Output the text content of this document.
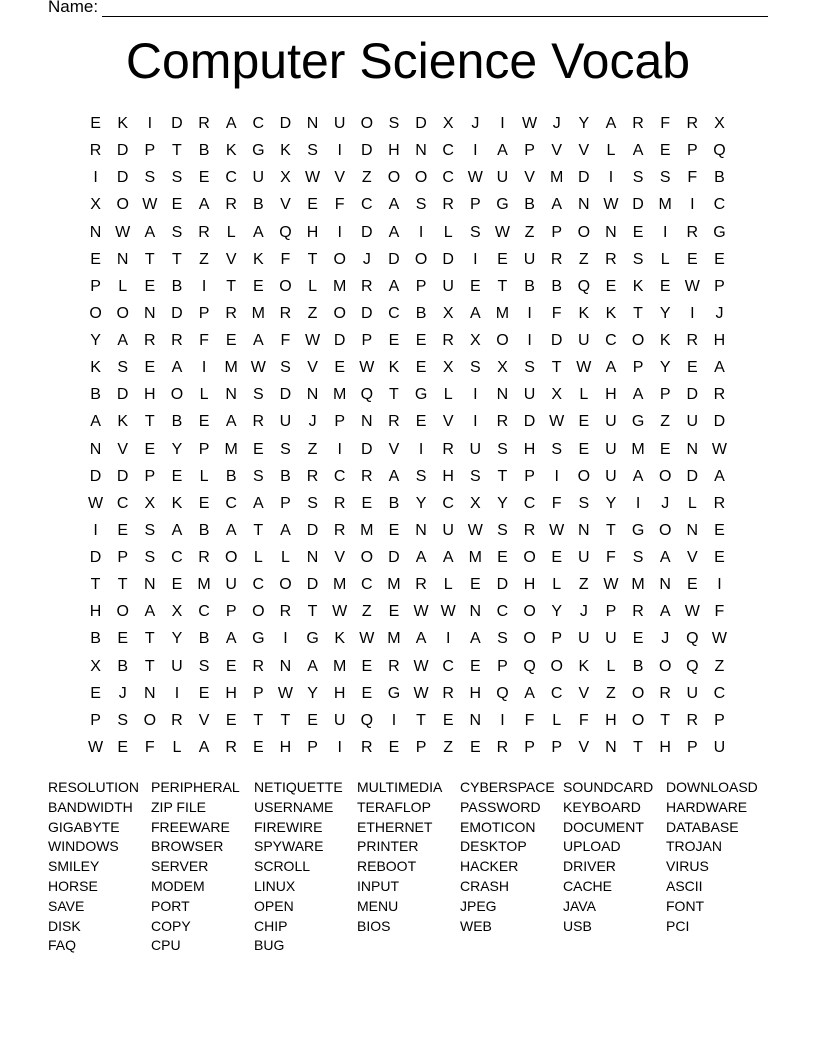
Name:
Computer Science Vocab
E	K	I	D R	A	C D N U O S	D	X	J	I	W J	Y	A	R	F	R	X
R D	P	T	B	K G K	S	I	D H N C	I	A	P	V	V	L	A	E	P Q
I	D	S	S	E	C U	X W V	Z	O O C W U	V M D	I	S	S	F	B
X O W E	A	R	B	V	E	F	C	A	S	R	P G B	A	N W D M	I	C
N W A	S	R	L	A Q H	I	D	A	I	L	S W Z	P O N	E	I	R G
E	N	T	T	Z	V	K	F	T	O	J	D O D	I	E	U R	Z	R	S	L	E	E
P	L	E	B	I	T	E O	L	M R	A	P	U	E	T	B	B Q E	K	E W P
O O N D	P	R M R	Z	O D C	B	X	A M	I	F	K	K	T	Y	I	J
Y	A	R R	F	E	A	F W D	P	E	E	R	X O	I	D U C O K	R H
K	S	E	A	I	M W S	V	E W K	E	X	S	X	S	T W A	P	Y	E	A
B	D H O	L	N	S	D N M Q	T	G	L	I	N U	X	L	H	A	P	D R
A	K	T	B	E	A	R U	J	P	N R	E	V	I	R D W E	U G	Z	U D
N	V	E	Y	P M E	S	Z	I	D	V	I	R U	S	H	S	E	U M E	N W
D D	P	E	L	B	S	B	R C R	A	S	H	S	T	P	I	O U	A O D	A
W C	X	K	E	C	A	P	S	R	E	B	Y	C	X	Y	C	F	S	Y	I	J	L	R
I	E	S	A	B	A	T	A	D R M E	N U W S	R W N	T	G O N	E
D	P	S	C R O	L	L	N	V O D	A	A M E O E	U	F	S	A	V	E
T	T	N	E M U C O D M C M R	L	E	D H	L	Z W M N	E	I
H O A	X	C	P O R	T W Z	E W W N C O Y	J	P	R	A W F
B	E	T	Y	B	A G	I	G K W M A	I	A	S O P	U U	E	J	Q W
X	B	T	U	S	E	R N	A M E	R W C	E	P Q O K	L	B O Q	Z
E	J	N	I	E	H	P W Y	H	E G W R H Q A	C	V	Z	O R U C
P	S O R	V	E	T	T	E	U Q	I	T	E	N	I	F	L	F	H O	T	R	P
W E	F	L	A	R	E	H	P	I	R	E	P	Z	E	R	P	P	V	N	T	H	P	U
RESOLUTION PERIPHERAL	NETIQUETTE	MULTIMEDIA	CYBERSPACE SOUNDCARD DOWNLOASD
BANDWIDTH	ZIP FILE	USERNAME	TERAFLOP	PASSWORD	KEYBOARD	HARDWARE
GIGABYTE	FREEWARE	FIREWIRE	ETHERNET	EMOTICON	DOCUMENT	DATABASE
WINDOWS	BROWSER	SPYWARE	PRINTER	DESKTOP	UPLOAD	TROJAN
SMILEY	SERVER	SCROLL	REBOOT	HACKER	DRIVER	VIRUS
HORSE	MODEM	LINUX	INPUT	CRASH	CACHE	ASCII
SAVE	PORT	OPEN	MENU	JPEG	JAVA	FONT
DISK	COPY	CHIP	BIOS	WEB	USB	PCI
FAQ	CPU	BUG
